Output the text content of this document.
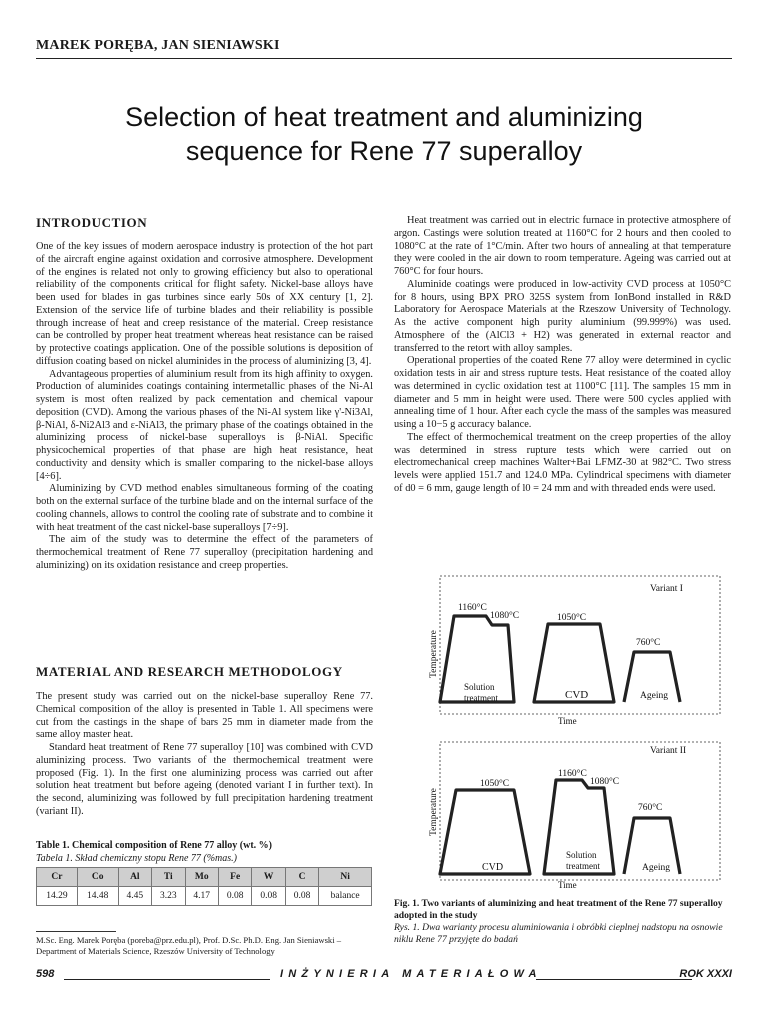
MAREK PORĘBA, JAN SIENIAWSKI
Selection of heat treatment and aluminizing
sequence for Rene 77 superalloy
INTRODUCTION

One of the key issues of modern aerospace industry is protection of the hot part of the aircraft engine against oxidation and corrosive atmosphere. Development of the engines is related not only to growing efficiency but also to operational reliability of the components critical for flight safety. Nickel-base alloys have been used for blades in gas turbines since early 50s of XX century [1, 2]. Extension of the service life of turbine blades and their reliability is possible through increase of heat and creep resistance of the material. Creep resistance can be controlled by proper heat treatment whereas heat resistance can be raised by protective coatings application. One of the possible solutions is deposition of diffusion coating based on nickel aluminides in the process of aluminizing [3, 4].

Advantageous properties of aluminium result from its high affinity to oxygen. Production of aluminides coatings containing intermetallic phases of the Ni-Al system is most often realized by pack cementation and chemical vapour deposition (CVD). Among the various phases of the Ni-Al system like γ'-Ni3Al, β-NiAl, δ-Ni2Al3 and ε-NiAl3, the primary phase of the coatings obtained in the aluminizing process of nickel-base superalloys is β-NiAl. Specific physicochemical properties of that phase are high heat resistance, heat conductivity and density which is smaller comparing to the nickel-base alloys [4÷6].

Aluminizing by CVD method enables simultaneous forming of the coating both on the external surface of the turbine blade and on the internal surface of the cooling channels, allows to control the cooling rate of substrate and to combine it with heat treatment of the cast nickel-base superalloys [7÷9].

The aim of the study was to determine the effect of the parameters of thermochemical treatment of Rene 77 superalloy (precipitation hardening and aluminizing) on its oxidation resistance and creep properties.

MATERIAL AND RESEARCH METHODOLOGY

The present study was carried out on the nickel-base superalloy Rene 77. Chemical composition of the alloy is presented in Table 1. All specimens were cut from the castings in the shape of bars 25 mm in diameter made from the same alloy master heat.

Standard heat treatment of Rene 77 superalloy [10] was combined with CVD aluminizing process. Two variants of the thermochemical treatment were proposed (Fig. 1). In the first one aluminizing process was carried out after solution heat treatment but before ageing (denoted variant I in further text). In the second, aluminizing was followed by full precipitation hardening treatment (variant II).

Table 1. Chemical composition of Rene 77 alloy (wt. %)
Tabela 1. Skład chemiczny stopu Rene 77 (%mas.)
Cr	Co	Al	Ti	Mo	Fe	W	C	Ni
14.29	14.48	4.45	3.23	4.17	0.08	0.08	0.08	balance
M.Sc. Eng. Marek Poręba (poreba@prz.edu.pl), Prof. D.Sc. Ph.D. Eng. Jan Sieniawski – Department of Materials Science, Rzeszów University of Technology

Heat treatment was carried out in electric furnace in protective atmosphere of argon. Castings were solution treated at 1160°C for 2 hours and then cooled to 1080°C at the rate of 1°C/min. After two hours of annealing at that temperature they were cooled in the air down to room temperature. Ageing was carried out at 760°C for four hours.

Aluminide coatings were produced in low-activity CVD process at 1050°C for 8 hours, using BPX PRO 325S system from IonBond installed in R&D Laboratory for Aerospace Materials at the Rzeszow University of Technology. As the active component high purity aluminium (99.999%) was used. Atmosphere of the (AlCl3 + H2) was generated in external reactor and transferred to the retort with alloy samples.

Operational properties of the coated Rene 77 alloy were determined in cyclic oxidation tests in air and stress rupture tests. Heat resistance of the coated alloy was determined in cyclic oxidation test at 1100°C [11]. The samples 15 mm in diameter and 5 mm in height were used. There were 500 cycles applied with annealing time of 1 hour. After each cycle the mass of the samples was measured using a 10−5 g accuracy balance.

The effect of thermochemical treatment on the creep properties of the alloy was determined in stress rupture tests which were carried out on electromechanical creep machines Walter+Bai LFMZ-30 at 982°C. Two stress levels were applied 151.7 and 124.0 MPa. Cylindrical specimens with diameter of d0 = 6 mm, gauge length of l0 = 24 mm and with threaded ends were used.

Variant I
Temperature
1160°C
1080°C	1050°C
760°C
Solution
treatment	CVD	Ageing
Time
Variant II
Temperature
1050°C
1160°C
1080°C
760°C
CVD
Solution
treatment	Ageing
Time
Fig. 1. Two variants of aluminizing and heat treatment of the Rene 77 superalloy adopted in the study
Rys. 1. Dwa warianty procesu aluminiowania i obróbki cieplnej nadstopu na osnowie niklu Rene 77 przyjęte do badań
598	INŻYNIERIA MATERIAŁOWA	ROK XXXI
